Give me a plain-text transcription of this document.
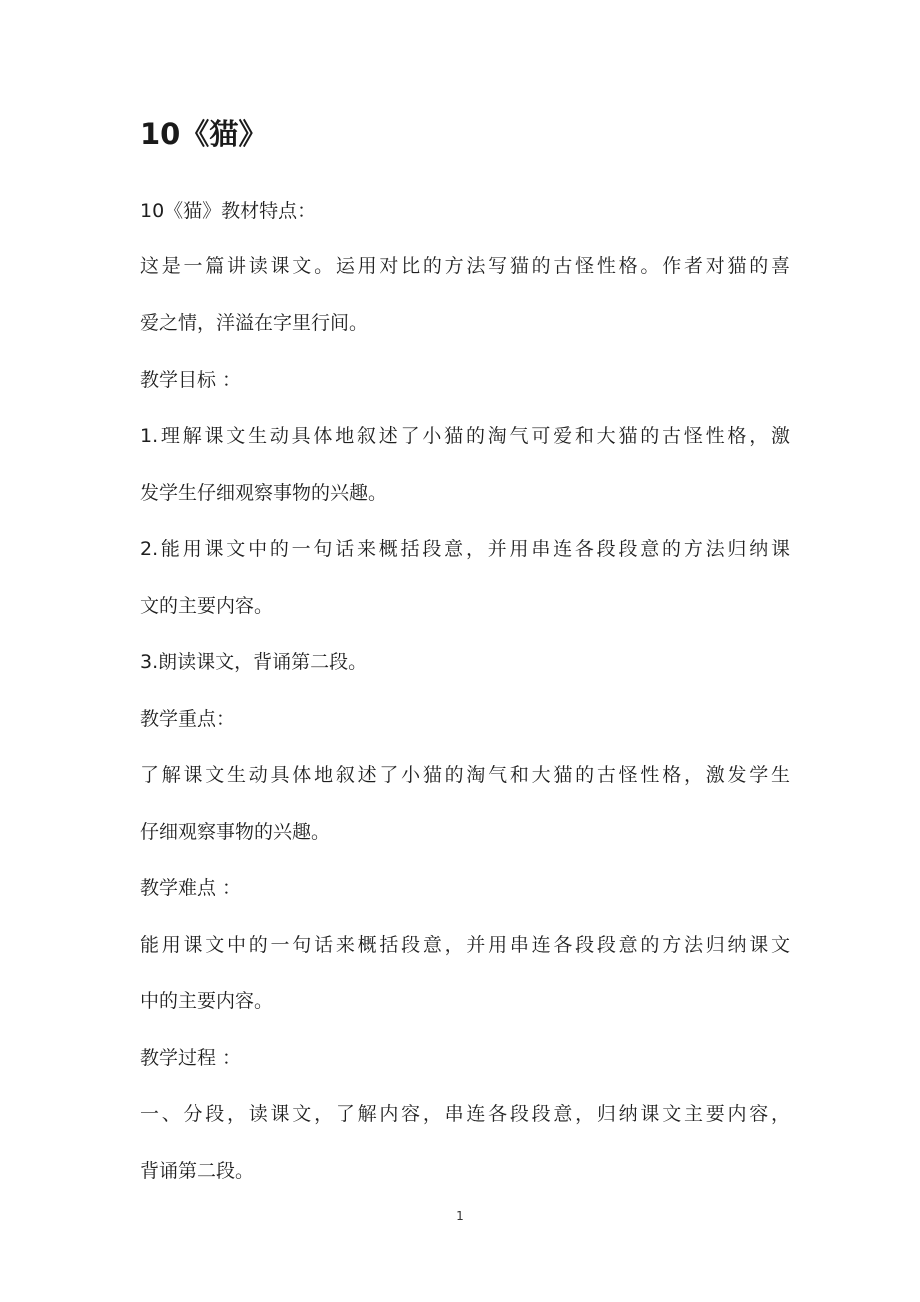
10《猫》

10《猫》教材特点：

这是一篇讲读课文。运用对比的方法写猫的古怪性格。作者对猫的喜

爱之情，洋溢在字里行间。

教学目标 ：

1.理解课文生动具体地叙述了小猫的淘气可爱和大猫的古怪性格，激

发学生仔细观察事物的兴趣。

2.能用课文中的一句话来概括段意，并用串连各段段意的方法归纳课

文的主要内容。

3.朗读课文，背诵第二段。

教学重点：

了解课文生动具体地叙述了小猫的淘气和大猫的古怪性格，激发学生

仔细观察事物的兴趣。

教学难点 ：

能用课文中的一句话来概括段意，并用串连各段段意的方法归纳课文

中的主要内容。

教学过程 ：

一、分段，读课文，了解内容，串连各段段意，归纳课文主要内容，

背诵第二段。

1
